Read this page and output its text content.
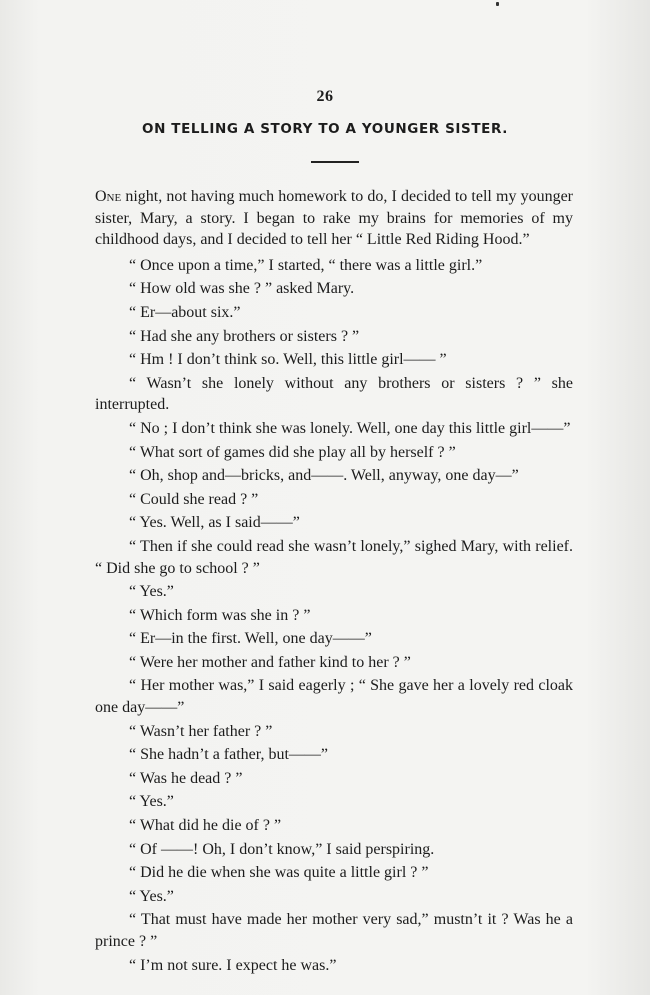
26
ON TELLING A STORY TO A YOUNGER SISTER.

One night, not having much homework to do, I decided to tell my younger sister, Mary, a story. I began to rake my brains for memories of my childhood days, and I decided to tell her “ Little Red Riding Hood.”

“ Once upon a time,” I started, “ there was a little girl.”

“ How old was she ? ” asked Mary.

“ Er—about six.”

“ Had she any brothers or sisters ? ”

“ Hm ! I don’t think so. Well, this little girl—— ”

“ Wasn’t she lonely without any brothers or sisters ? ” she interrupted.

“ No ; I don’t think she was lonely. Well, one day this little girl——”

“ What sort of games did she play all by herself ? ”

“ Oh, shop and—bricks, and——. Well, anyway, one day—”

“ Could she read ? ”

“ Yes. Well, as I said——”

“ Then if she could read she wasn’t lonely,” sighed Mary, with relief. “ Did she go to school ? ”

“ Yes.”

“ Which form was she in ? ”

“ Er—in the first. Well, one day——”

“ Were her mother and father kind to her ? ”

“ Her mother was,” I said eagerly ; “ She gave her a lovely red cloak one day——”

“ Wasn’t her father ? ”

“ She hadn’t a father, but——”

“ Was he dead ? ”

“ Yes.”

“ What did he die of ? ”

“ Of ——! Oh, I don’t know,” I said perspiring.

“ Did he die when she was quite a little girl ? ”

“ Yes.”

“ That must have made her mother very sad,” mustn’t it ? Was he a prince ? ”

“ I’m not sure. I expect he was.”
